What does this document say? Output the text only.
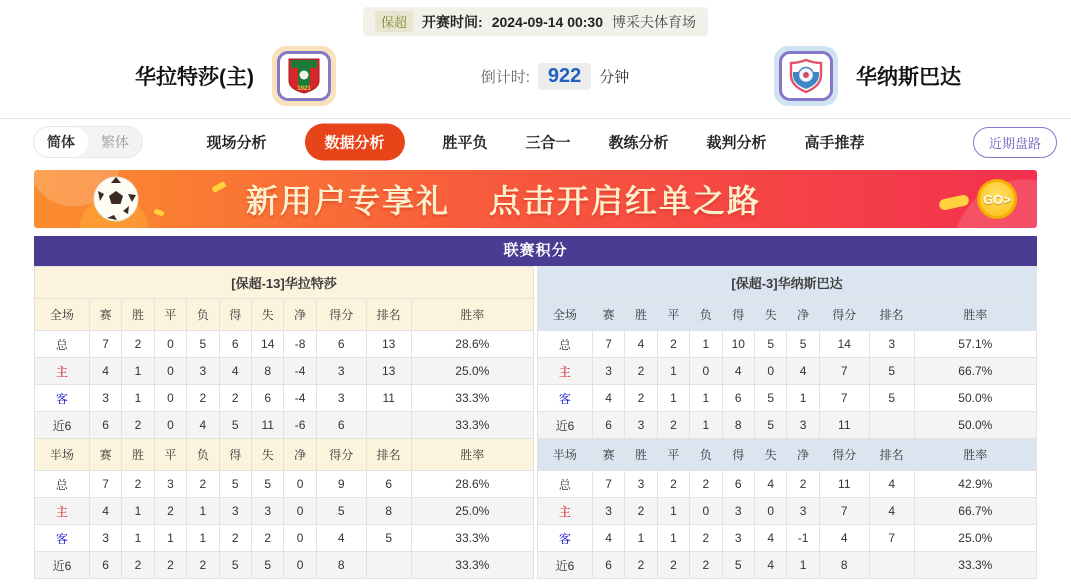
保超	开赛时间: 2024-09-14 00:30 博采夫体育场
华拉特莎(主)	1921
倒计时: 922	分钟	华纳斯巴达
简体	繁体	现场分析	数据分析	胜平负	三合一	教练分析	裁判分析	高手推荐	近期盘路
新用户专享礼 点击开启红单之路	GO>
联赛积分
[保超-13]华拉特莎										
全场	赛	胜	平	负	得	失	净	得分	排名	胜率
总	7	2	0	5	6	14	-8	6	13	28.6%
主	4	1	0	3	4	8	-4	3	13	25.0%
客	3	1	0	2	2	6	-4	3	11	33.3%
近6	6	2	0	4	5	11	-6	6		33.3%
半场	赛	胜	平	负	得	失	净	得分	排名	胜率
总	7	2	3	2	5	5	0	9	6	28.6%
主	4	1	2	1	3	3	0	5	8	25.0%
客	3	1	1	1	2	2	0	4	5	33.3%
近6	6	2	2	2	5	5	0	8		33.3%
[保超-3]华纳斯巴达										
全场	赛	胜	平	负	得	失	净	得分	排名	胜率
总	7	4	2	1	10	5	5	14	3	57.1%
主	3	2	1	0	4	0	4	7	5	66.7%
客	4	2	1	1	6	5	1	7	5	50.0%
近6	6	3	2	1	8	5	3	11		50.0%
半场	赛	胜	平	负	得	失	净	得分	排名	胜率
总	7	3	2	2	6	4	2	11	4	42.9%
主	3	2	1	0	3	0	3	7	4	66.7%
客	4	1	1	2	3	4	-1	4	7	25.0%
近6	6	2	2	2	5	4	1	8		33.3%
